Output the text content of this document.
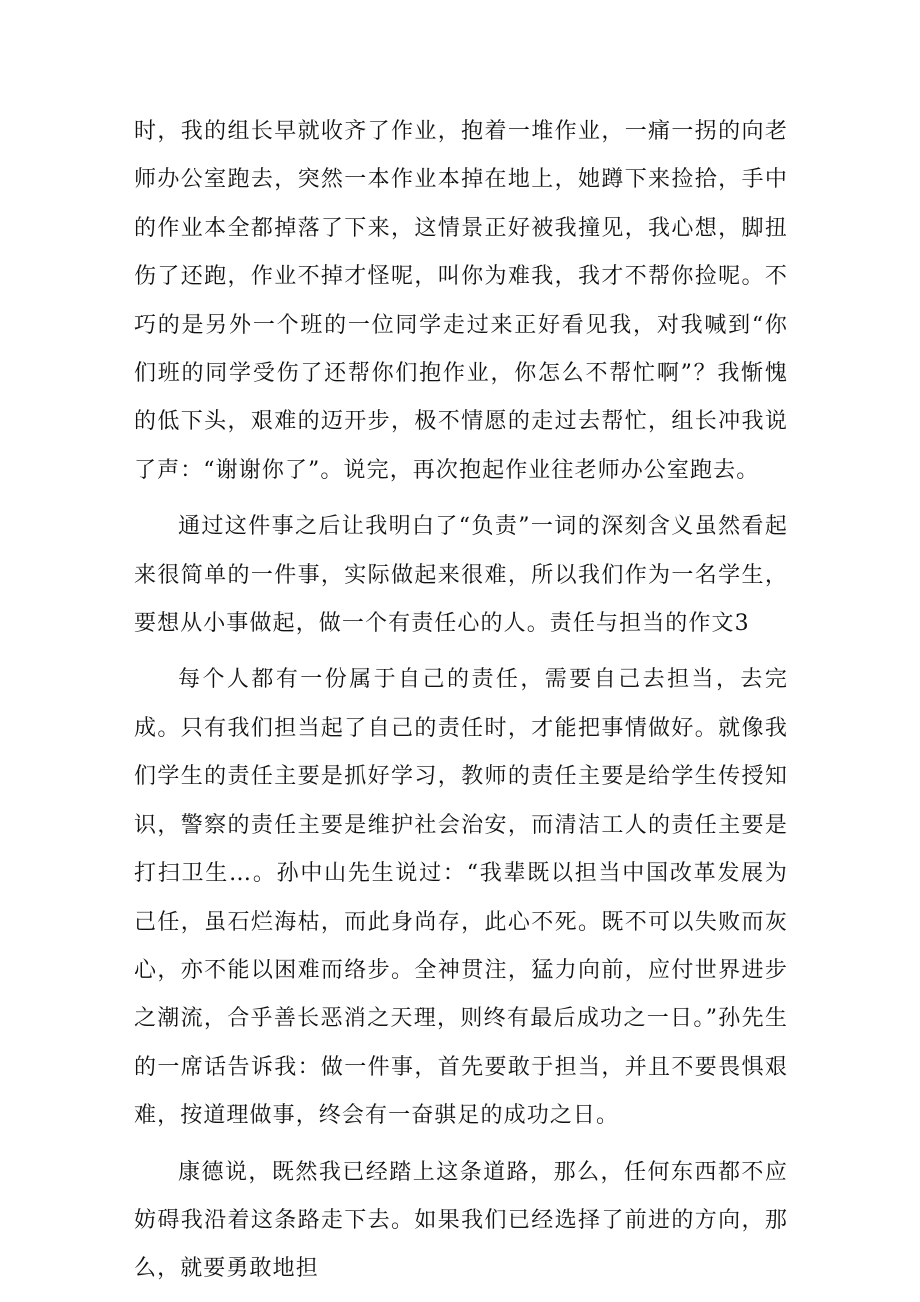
时，我的组长早就收齐了作业，抱着一堆作业，一痛一拐的向老师办公室跑去，突然一本作业本掉在地上，她蹲下来捡拾，手中的作业本全都掉落了下来，这情景正好被我撞见，我心想，脚扭伤了还跑，作业不掉才怪呢，叫你为难我，我才不帮你捡呢。不巧的是另外一个班的一位同学走过来正好看见我，对我喊到“你们班的同学受伤了还帮你们抱作业，你怎么不帮忙啊”？我惭愧的低下头，艰难的迈开步，极不情愿的走过去帮忙，组长冲我说了声：“谢谢你了”。说完，再次抱起作业往老师办公室跑去。

通过这件事之后让我明白了“负责”一词的深刻含义虽然看起来很简单的一件事，实际做起来很难，所以我们作为一名学生，要想从小事做起，做一个有责任心的人。责任与担当的作文3

每个人都有一份属于自己的责任，需要自己去担当，去完成。只有我们担当起了自己的责任时，才能把事情做好。就像我们学生的责任主要是抓好学习，教师的责任主要是给学生传授知识，警察的责任主要是维护社会治安，而清洁工人的责任主要是打扫卫生…。孙中山先生说过：“我辈既以担当中国改革发展为己任，虽石烂海枯，而此身尚存，此心不死。既不可以失败而灰心，亦不能以困难而络步。全神贯注，猛力向前，应付世界进步之潮流，合乎善长恶消之天理，则终有最后成功之一日。”孙先生的一席话告诉我：做一件事，首先要敢于担当，并且不要畏惧艰难，按道理做事，终会有一奋骐足的成功之日。

康德说，既然我已经踏上这条道路，那么，任何东西都不应妨碍我沿着这条路走下去。如果我们已经选择了前进的方向，那么，就要勇敢地担
